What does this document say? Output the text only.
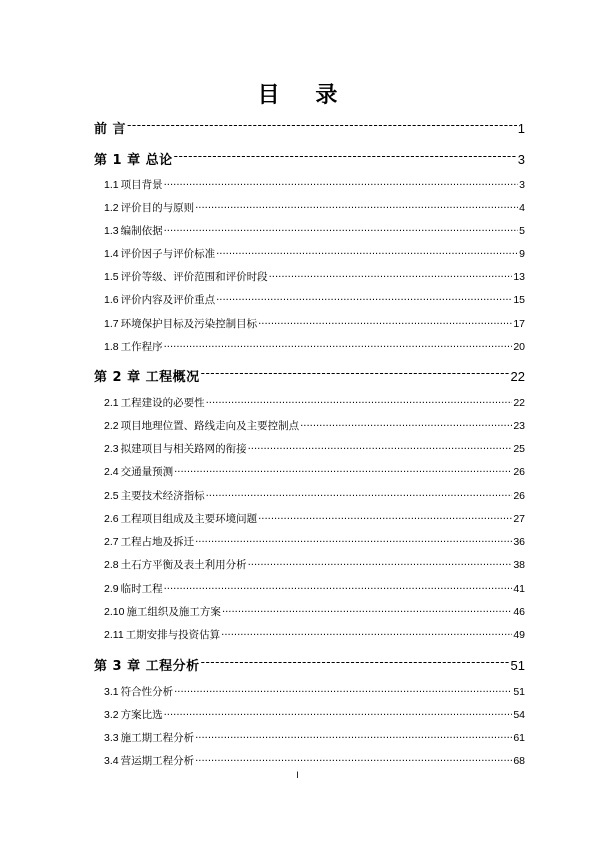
目 录
前 言 -----	1
第 1 章 总论 -----	3
1.1 项目背景 .....	3
1.2 评价目的与原则 .....	4
1.3 编制依据 .....	5
1.4 评价因子与评价标准 .....	9
1.5 评价等级、评价范围和评价时段 .....	13
1.6 评价内容及评价重点 .....	15
1.7 环境保护目标及污染控制目标 .....	17
1.8 工作程序 .....	20
第 2 章 工程概况 -----	22
2.1 工程建设的必要性 .....	22
2.2 项目地理位置、路线走向及主要控制点 .....	23
2.3 拟建项目与相关路网的衔接 .....	25
2.4 交通量预测 .....	26
2.5 主要技术经济指标 .....	26
2.6 工程项目组成及主要环境问题 .....	27
2.7 工程占地及拆迁 .....	36
2.8 土石方平衡及表土利用分析 .....	38
2.9 临时工程 .....	41
2.10 施工组织及施工方案 .....	46
2.11 工期安排与投资估算 .....	49
第 3 章 工程分析 -----	51
3.1 符合性分析 .....	51
3.2 方案比选 .....	54
3.3 施工期工程分析 .....	61
3.4 营运期工程分析 .....	68
I
